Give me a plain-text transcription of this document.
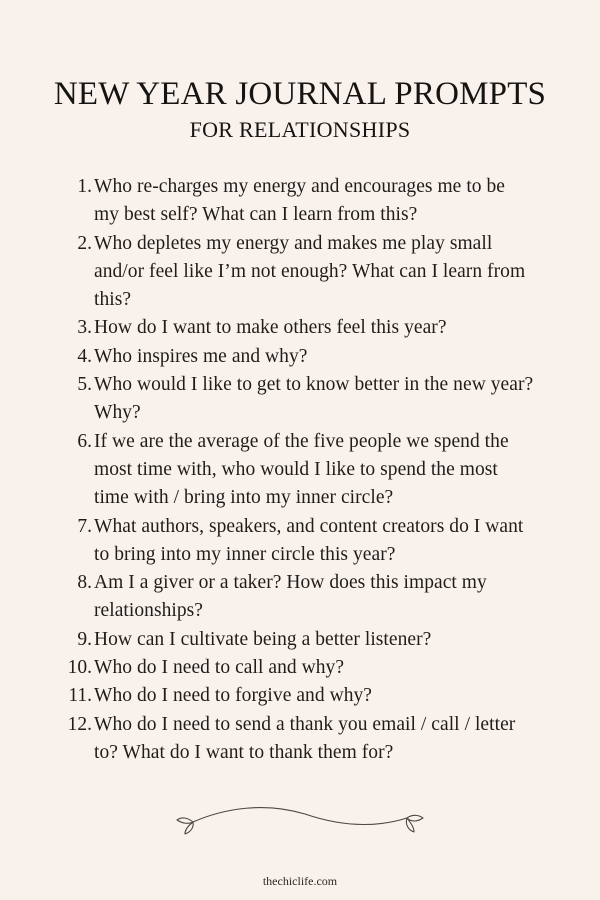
NEW YEAR JOURNAL PROMPTS
FOR RELATIONSHIPS
1. Who re-charges my energy and encourages me to be my best self? What can I learn from this?
2. Who depletes my energy and makes me play small and/or feel like I’m not enough? What can I learn from this?
3. How do I want to make others feel this year?
4. Who inspires me and why?
5. Who would I like to get to know better in the new year? Why?
6. If we are the average of the five people we spend the most time with, who would I like to spend the most time with / bring into my inner circle?
7. What authors, speakers, and content creators do I want to bring into my inner circle this year?
8. Am I a giver or a taker? How does this impact my relationships?
9. How can I cultivate being a better listener?
10. Who do I need to call and why?
11. Who do I need to forgive and why?
12. Who do I need to send a thank you email / call / letter to? What do I want to thank them for?
thechiclife.com
